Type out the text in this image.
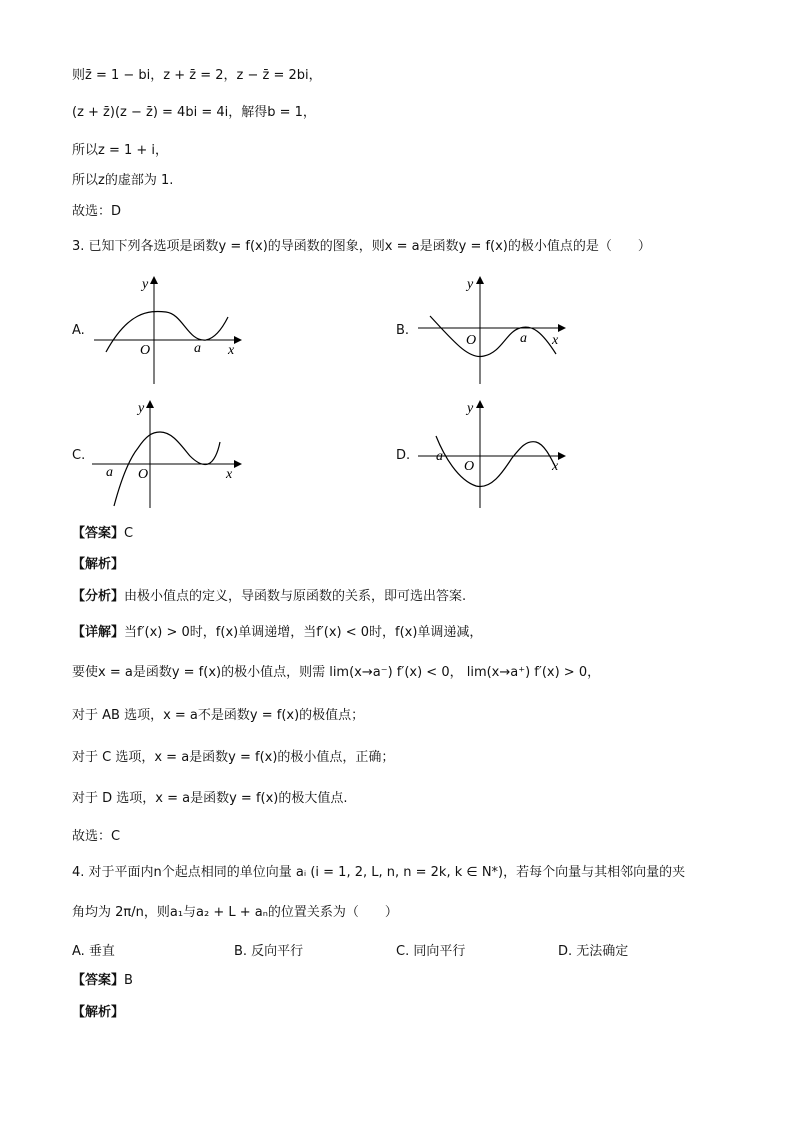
则z̄ = 1 − bi，z + z̄ = 2，z − z̄ = 2bi，
(z + z̄)(z − z̄) = 4bi = 4i，解得b = 1，
所以z = 1 + i，
所以z的虚部为 1.
故选：D
3. 已知下列各选项是函数y = f(x)的导函数的图象，则x = a是函数y = f(x)的极小值点的是（　　）
A.
y
x
O	a
B.
y
x
O	a
C.
y
x
O
a
D.
y
x
O
a
【答案】C
【解析】
【分析】由极小值点的定义，导函数与原函数的关系，即可选出答案.
【详解】当f′(x) > 0时，f(x)单调递增，当f′(x) < 0时，f(x)单调递减，
要使x = a是函数y = f(x)的极小值点，则需 lim(x→a⁻) f′(x) < 0， lim(x→a⁺) f′(x) > 0，
对于 AB 选项，x = a不是函数y = f(x)的极值点；
对于 C 选项，x = a是函数y = f(x)的极小值点，正确；
对于 D 选项，x = a是函数y = f(x)的极大值点.
故选：C
4. 对于平面内n个起点相同的单位向量 aᵢ (i = 1, 2, L, n, n = 2k, k ∈ N*)，若每个向量与其相邻向量的夹
角均为 2π/n，则a₁与a₂ + L + aₙ的位置关系为（　　）
A. 垂直	B. 反向平行	C. 同向平行	D. 无法确定
【答案】B
【解析】
